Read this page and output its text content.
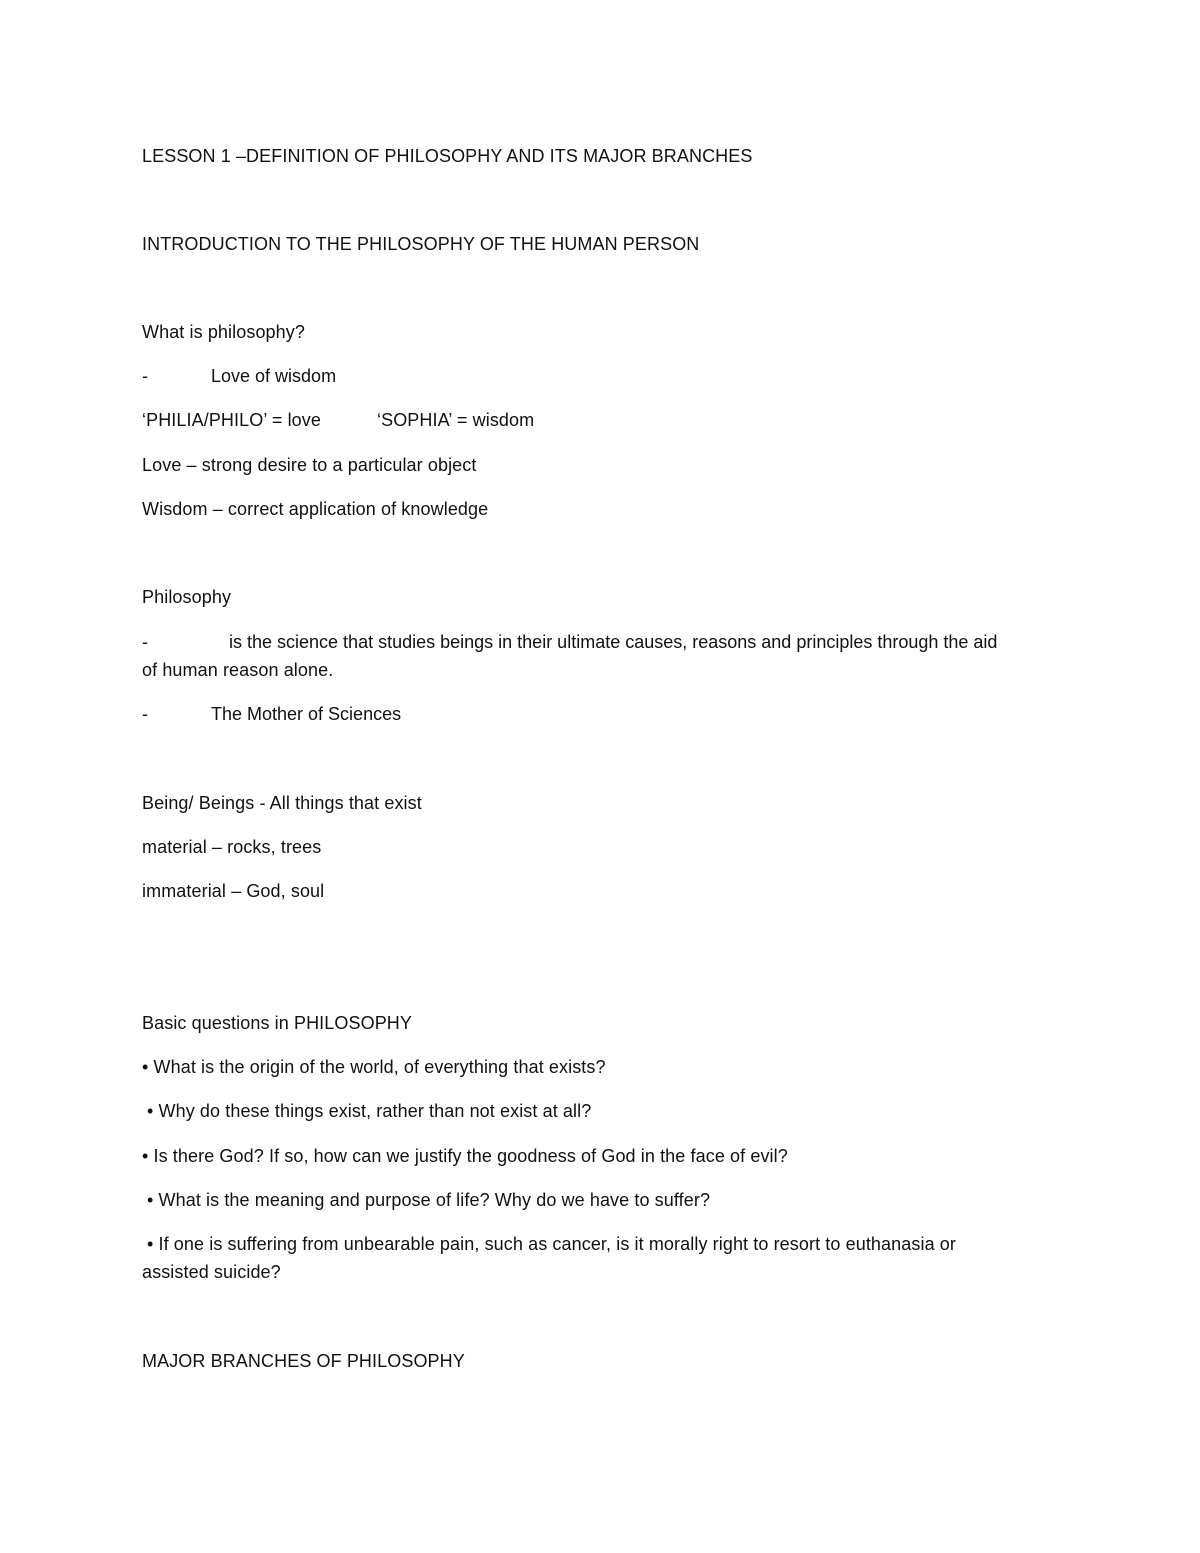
LESSON 1 –DEFINITION OF PHILOSOPHY AND ITS MAJOR BRANCHES
INTRODUCTION TO THE PHILOSOPHY OF THE HUMAN PERSON
What is philosophy?
-	Love of wisdom
‘PHILIA/PHILO’ = love	‘SOPHIA’ = wisdom
Love – strong desire to a particular object
Wisdom – correct application of knowledge
Philosophy
-	is the science that studies beings in their ultimate causes, reasons and principles through the aid
of human reason alone.
-	The Mother of Sciences
Being/ Beings - All things that exist
material – rocks, trees
immaterial – God, soul
Basic questions in PHILOSOPHY
• What is the origin of the world, of everything that exists?
• Why do these things exist, rather than not exist at all?
• Is there God? If so, how can we justify the goodness of God in the face of evil?
• What is the meaning and purpose of life? Why do we have to suffer?
• If one is suffering from unbearable pain, such as cancer, is it morally right to resort to euthanasia or
assisted suicide?
MAJOR BRANCHES OF PHILOSOPHY
